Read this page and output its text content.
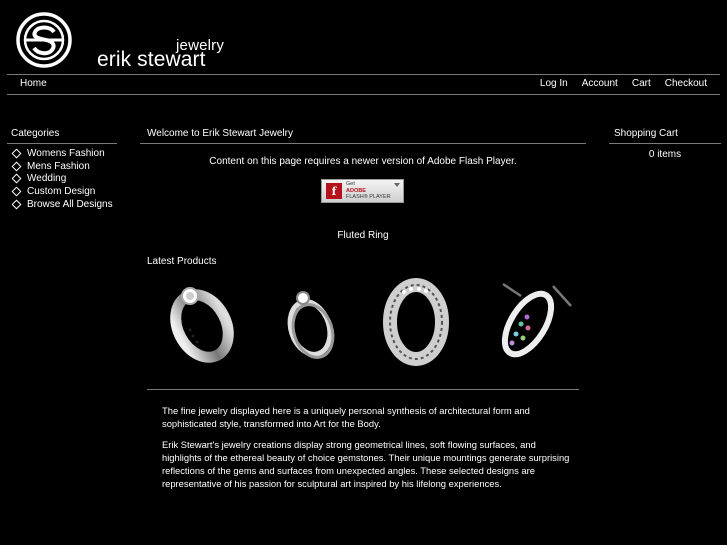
jewelry
erik stewart
Home	Log In Account Cart Checkout
Categories
Womens Fashion
Mens Fashion
Wedding
Custom Design
Browse All Designs
Welcome to Erik Stewart Jewelry
Content on this page requires a newer version of Adobe Flash Player.
f
Get
ADOBE
FLASH® PLAYER
Fluted Ring
Latest Products

The fine jewelry displayed here is a uniquely personal synthesis of architectural form and sophisticated style, transformed into Art for the Body.

Erik Stewart's jewelry creations display strong geometrical lines, soft flowing surfaces, and highlights of the ethereal beauty of choice gemstones. Their unique mountings generate surprising reflections of the gems and surfaces from unexpected angles. These selected designs are representative of his passion for sculptural art inspired by his lifelong experiences.

Shopping Cart
0 items
